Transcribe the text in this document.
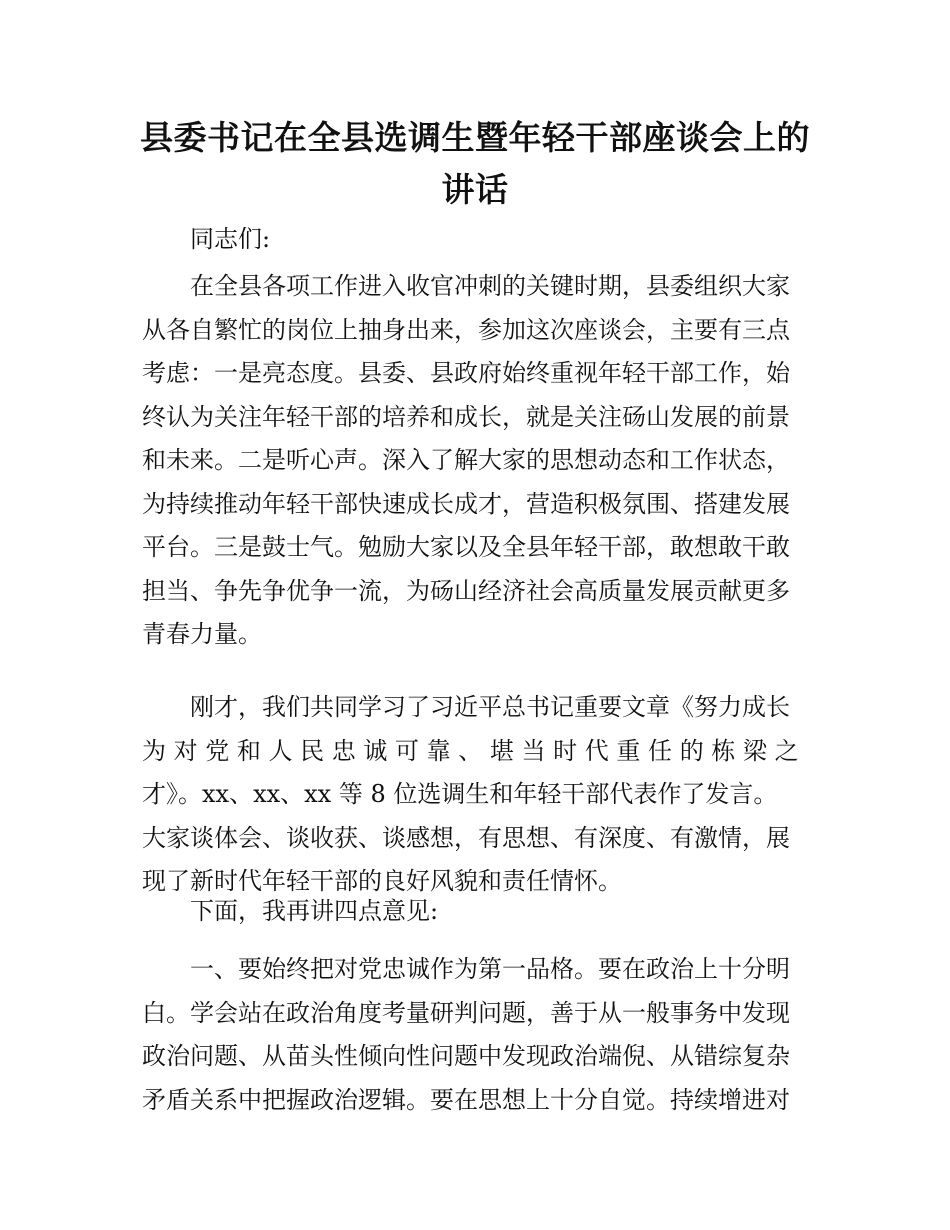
县委书记在全县选调生暨年轻干部座谈会上的
讲话

同志们:

在全县各项工作进入收官冲刺的关键时期，县委组织大家
从各自繁忙的岗位上抽身出来，参加这次座谈会，主要有三点
考虑：一是亮态度。县委、县政府始终重视年轻干部工作，始
终认为关注年轻干部的培养和成长，就是关注砀山发展的前景
和未来。二是听心声。深入了解大家的思想动态和工作状态，
为持续推动年轻干部快速成长成才，营造积极氛围、搭建发展
平台。三是鼓士气。勉励大家以及全县年轻干部，敢想敢干敢
担当、争先争优争一流，为砀山经济社会高质量发展贡献更多
青春力量。

刚才，我们共同学习了习近平总书记重要文章《努力成长
为 对 党 和 人 民 忠 诚 可 靠 、 堪 当 时 代 重 任 的 栋 梁 之
才》。xx、xx、xx 等 8 位选调生和年轻干部代表作了发言。
大家谈体会、谈收获、谈感想，有思想、有深度、有激情，展
现了新时代年轻干部的良好风貌和责任情怀。

下面，我再讲四点意见:

一、要始终把对党忠诚作为第一品格。要在政治上十分明
白。学会站在政治角度考量研判问题，善于从一般事务中发现
政治问题、从苗头性倾向性问题中发现政治端倪、从错综复杂
矛盾关系中把握政治逻辑。要在思想上十分自觉。持续增进对
